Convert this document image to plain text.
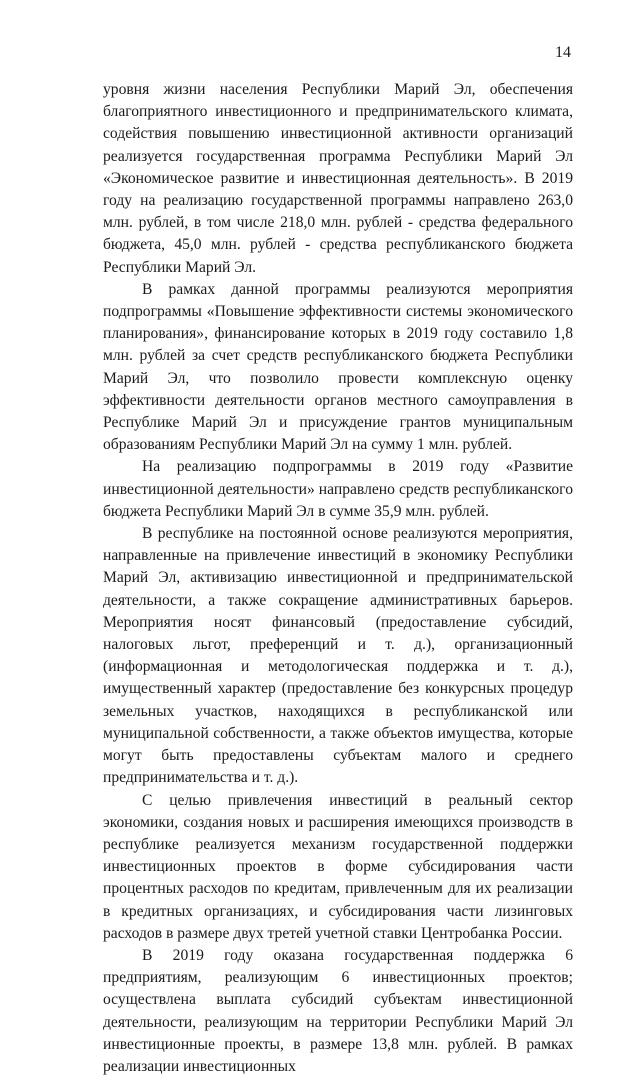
14

уровня жизни населения Республики Марий Эл, обеспечения благоприятного инвестиционного и предпринимательского климата, содействия повышению инвестиционной активности организаций реализуется государственная программа Республики Марий Эл «Экономическое развитие и инвестиционная деятельность». В 2019 году на реализацию государственной программы направлено 263,0 млн. рублей, в том числе 218,0 млн. рублей - средства федерального бюджета, 45,0 млн. рублей - средства республиканского бюджета Республики Марий Эл.

В рамках данной программы реализуются мероприятия подпрограммы «Повышение эффективности системы экономического планирования», финансирование которых в 2019 году составило 1,8 млн. рублей за счет средств республиканского бюджета Республики Марий Эл, что позволило провести комплексную оценку эффективности деятельности органов местного самоуправления в Республике Марий Эл и присуждение грантов муниципальным образованиям Республики Марий Эл на сумму 1 млн. рублей.

На реализацию подпрограммы в 2019 году «Развитие инвестиционной деятельности» направлено средств республиканского бюджета Республики Марий Эл в сумме 35,9 млн. рублей.

В республике на постоянной основе реализуются мероприятия, направленные на привлечение инвестиций в экономику Республики Марий Эл, активизацию инвестиционной и предпринимательской деятельности, а также сокращение административных барьеров. Мероприятия носят финансовый (предоставление субсидий, налоговых льгот, преференций и т. д.), организационный (информационная и методологическая поддержка и т. д.), имущественный характер (предоставление без конкурсных процедур земельных участков, находящихся в республиканской или муниципальной собственности, а также объектов имущества, которые могут быть предоставлены субъектам малого и среднего предпринимательства и т. д.).

С целью привлечения инвестиций в реальный сектор экономики, создания новых и расширения имеющихся производств в республике реализуется механизм государственной поддержки инвестиционных проектов в форме субсидирования части процентных расходов по кредитам, привлеченным для их реализации в кредитных организациях, и субсидирования части лизинговых расходов в размере двух третей учетной ставки Центробанка России.

В 2019 году оказана государственная поддержка 6 предприятиям, реализующим 6 инвестиционных проектов; осуществлена выплата субсидий субъектам инвестиционной деятельности, реализующим на территории Республики Марий Эл инвестиционные проекты, в размере 13,8 млн. рублей. В рамках реализации инвестиционных
